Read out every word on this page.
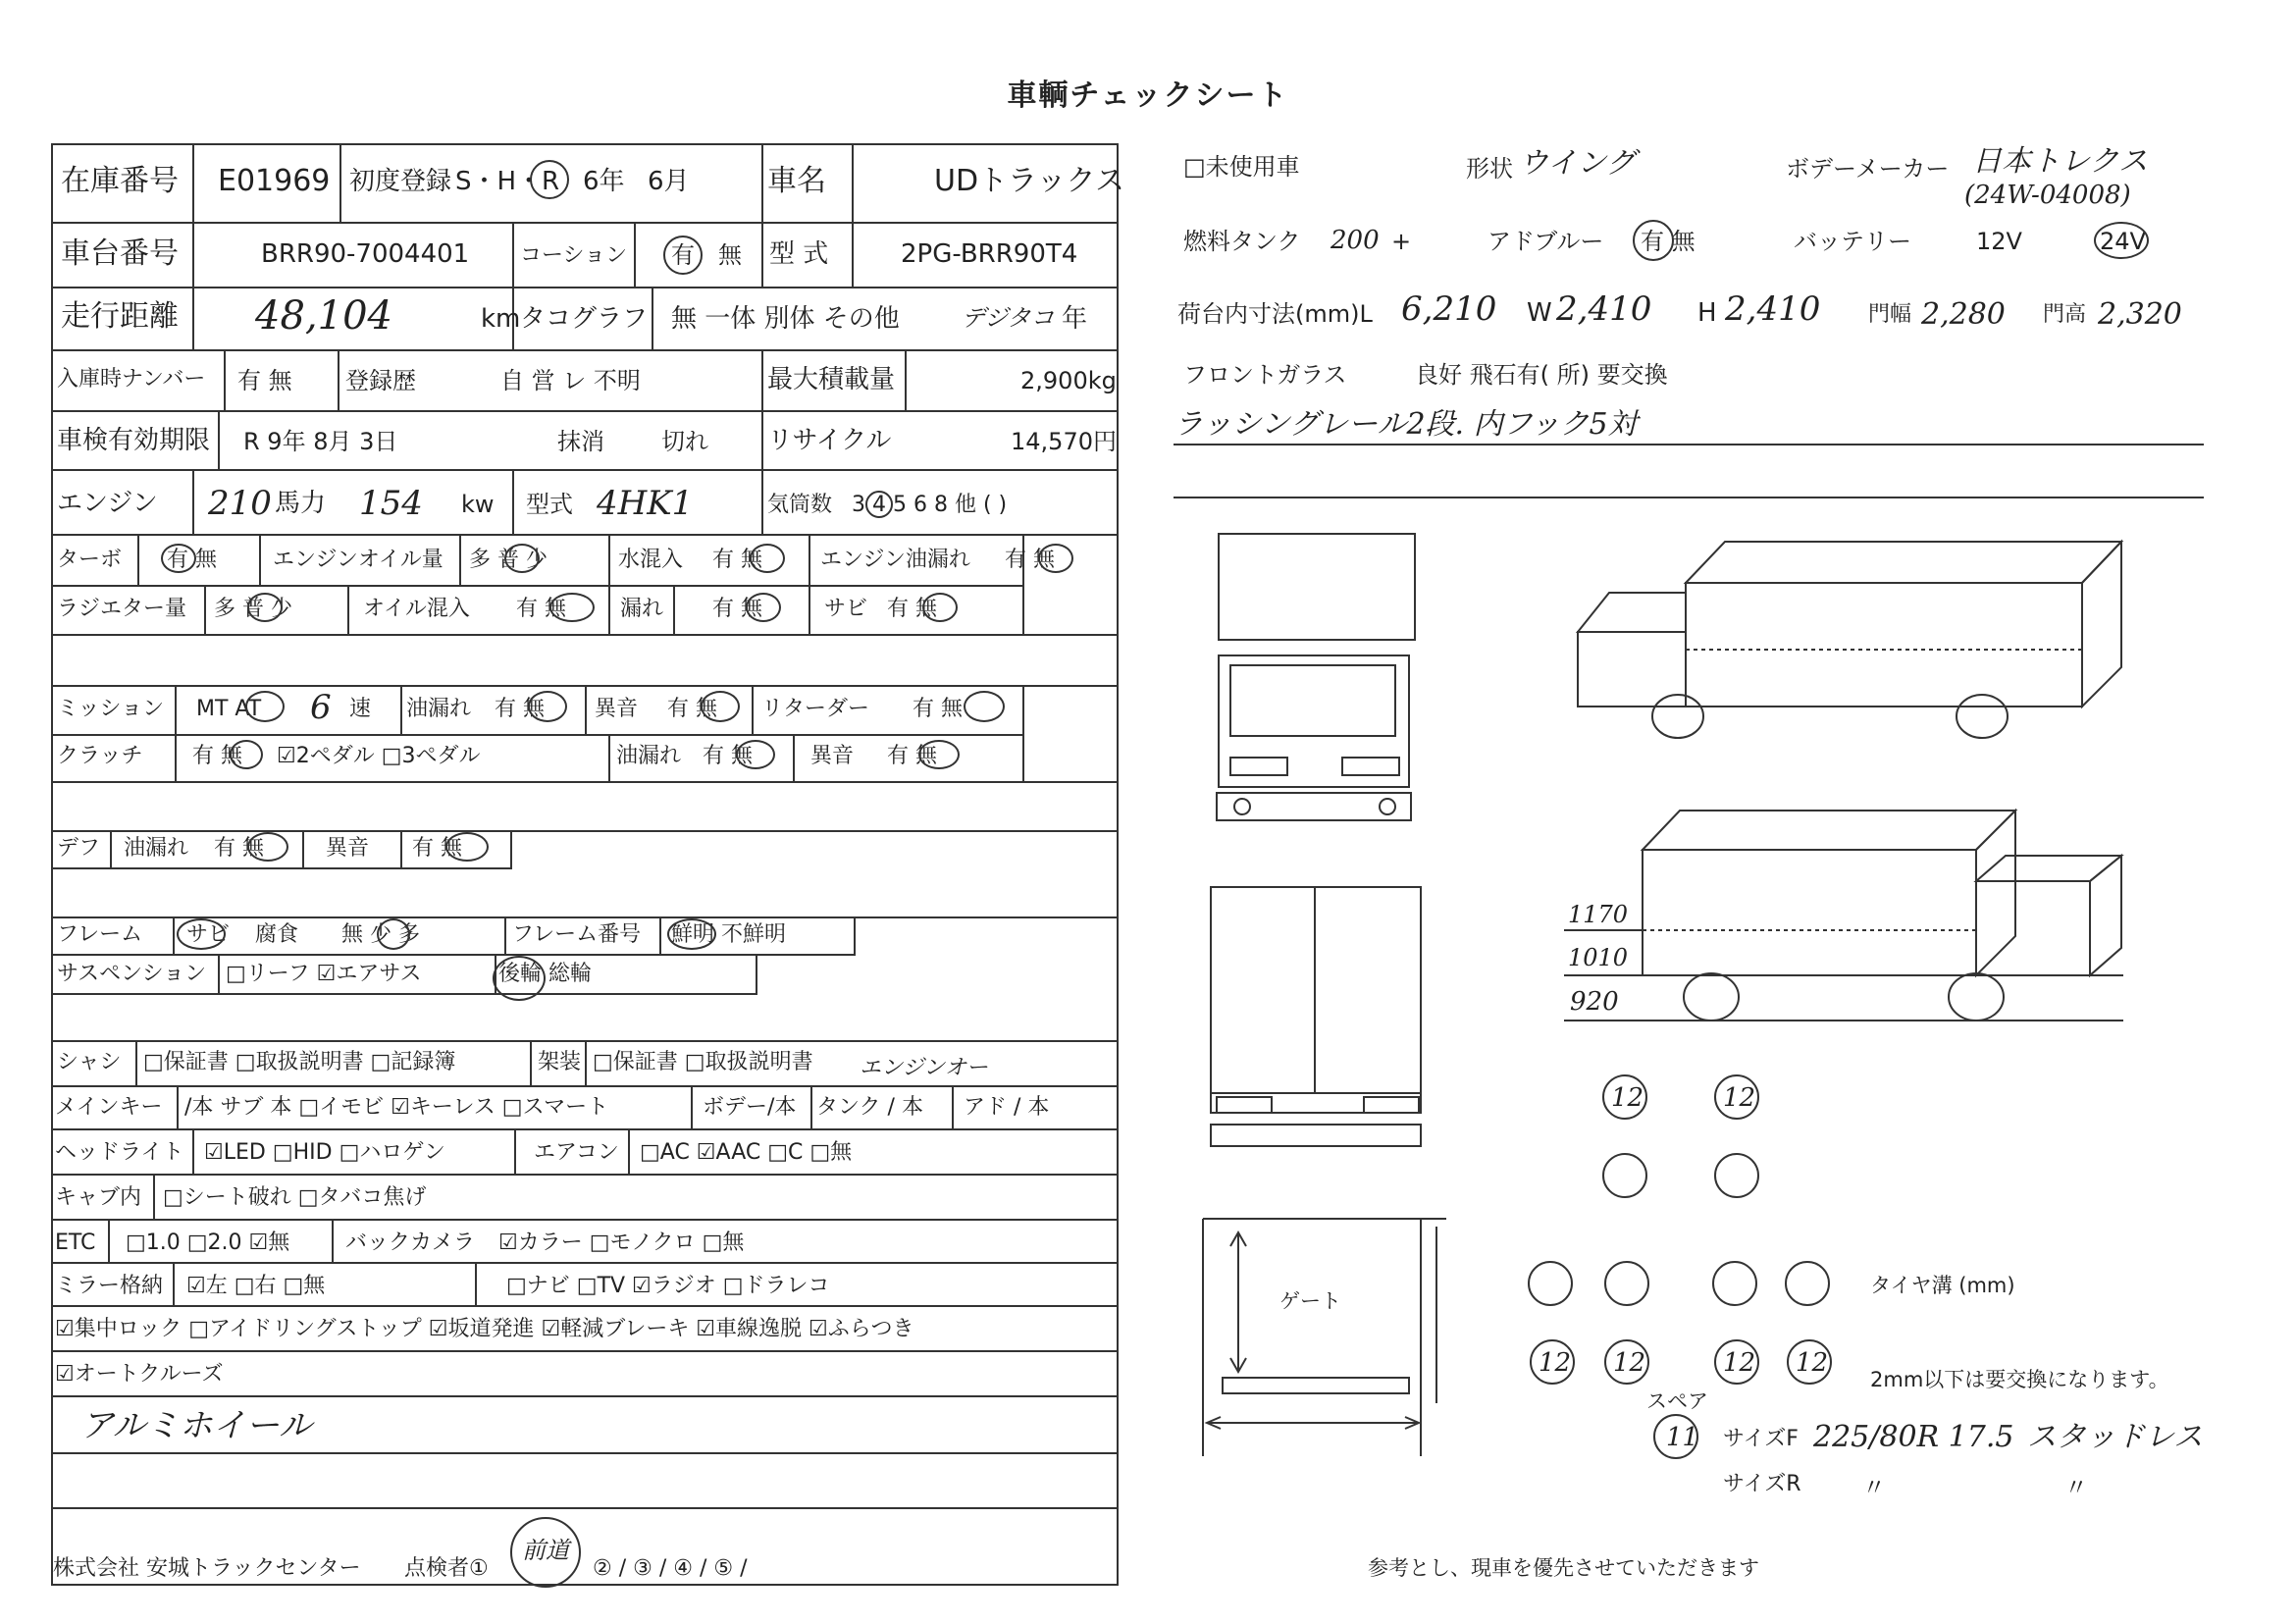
車輌チェックシート
在庫番号 E01969 初度登録 S・H・R 6年 6月	車名	UDトラックス
車台番号	BRR90-7004401 コーション 有 無 型 式	2PG-BRR90T4
走行距離 48,104	km タコグラフ 無 一体 別体 その他	デジタコ 年
入庫時ナンバー 有 無 登録歴	自 営 レ 不明	最大積載量	2,900kg
車検有効期限 R 9年 8月 3日	抹消 切れ リサイクル	14,570円
エンジン 210 馬力 154 kw 型式 4HK1	気筒数 3 4 5 6 8 他 ( )
ターボ 有 無	エンジンオイル量 多 普 少	水混入 有 無	エンジン油漏れ 有 無
ラジエター量 多 普 少	オイル混入 有 無	漏れ 有 無	サビ 有 無
ミッション MT AT 6 速 油漏れ 有 無 異音 有 無 リターダー 有 無
クラッチ 有 無 ☑2ペダル □3ペダル	油漏れ 有 無	異音 有 無
デフ 油漏れ 有 無	異音 有 無
フレーム サビ 腐食 無 少 多	フレーム番号 鮮明 不鮮明
サスペンション □リーフ ☑エアサス	後輪 総輪
シャシ □保証書 □取扱説明書 □記録簿	架装 □保証書 □取扱説明書 エンジンオー
メインキー /本 サブ 本 □イモビ ☑キーレス □スマート	ボデー/本 タンク / 本 アド / 本
ヘッドライト ☑LED □HID □ハロゲン	エアコン □AC ☑AAC □C □無
キャブ内 □シート破れ □タバコ焦げ
ETC □1.0 □2.0 ☑無	バックカメラ ☑カラー □モノクロ □無
ミラー格納 ☑左 □右 □無	□ナビ □TV ☑ラジオ □ドラレコ
☑集中ロック □アイドリングストップ ☑坂道発進 ☑軽減ブレーキ ☑車線逸脱 ☑ふらつき
☑オートクルーズ
アルミホイール
株式会社 安城トラックセンター 点検者①
前道
② / ③ / ④ / ⑤ /
□未使用車	形状 ウイング	ボデーメーカー 日本トレクス
(24W-04008)
燃料タンク 200 +	アドブルー 有 無	バッテリー	12V	24V
荷台内寸法(mm)L 6,210 W 2,410 H 2,410 門幅 2,280 門高 2,320
フロントガラス	良好 飛石有( 所) 要交換
ラッシングレール2段. 内フック5対
1170
1010
920
ゲート
12	12
12 12	12 12
11
タイヤ溝 (mm)
2mm以下は要交換になります。
スペア
サイズF 225/80R 17.5 スタッドレス
サイズR	〃	〃
参考とし、現車を優先させていただきます
